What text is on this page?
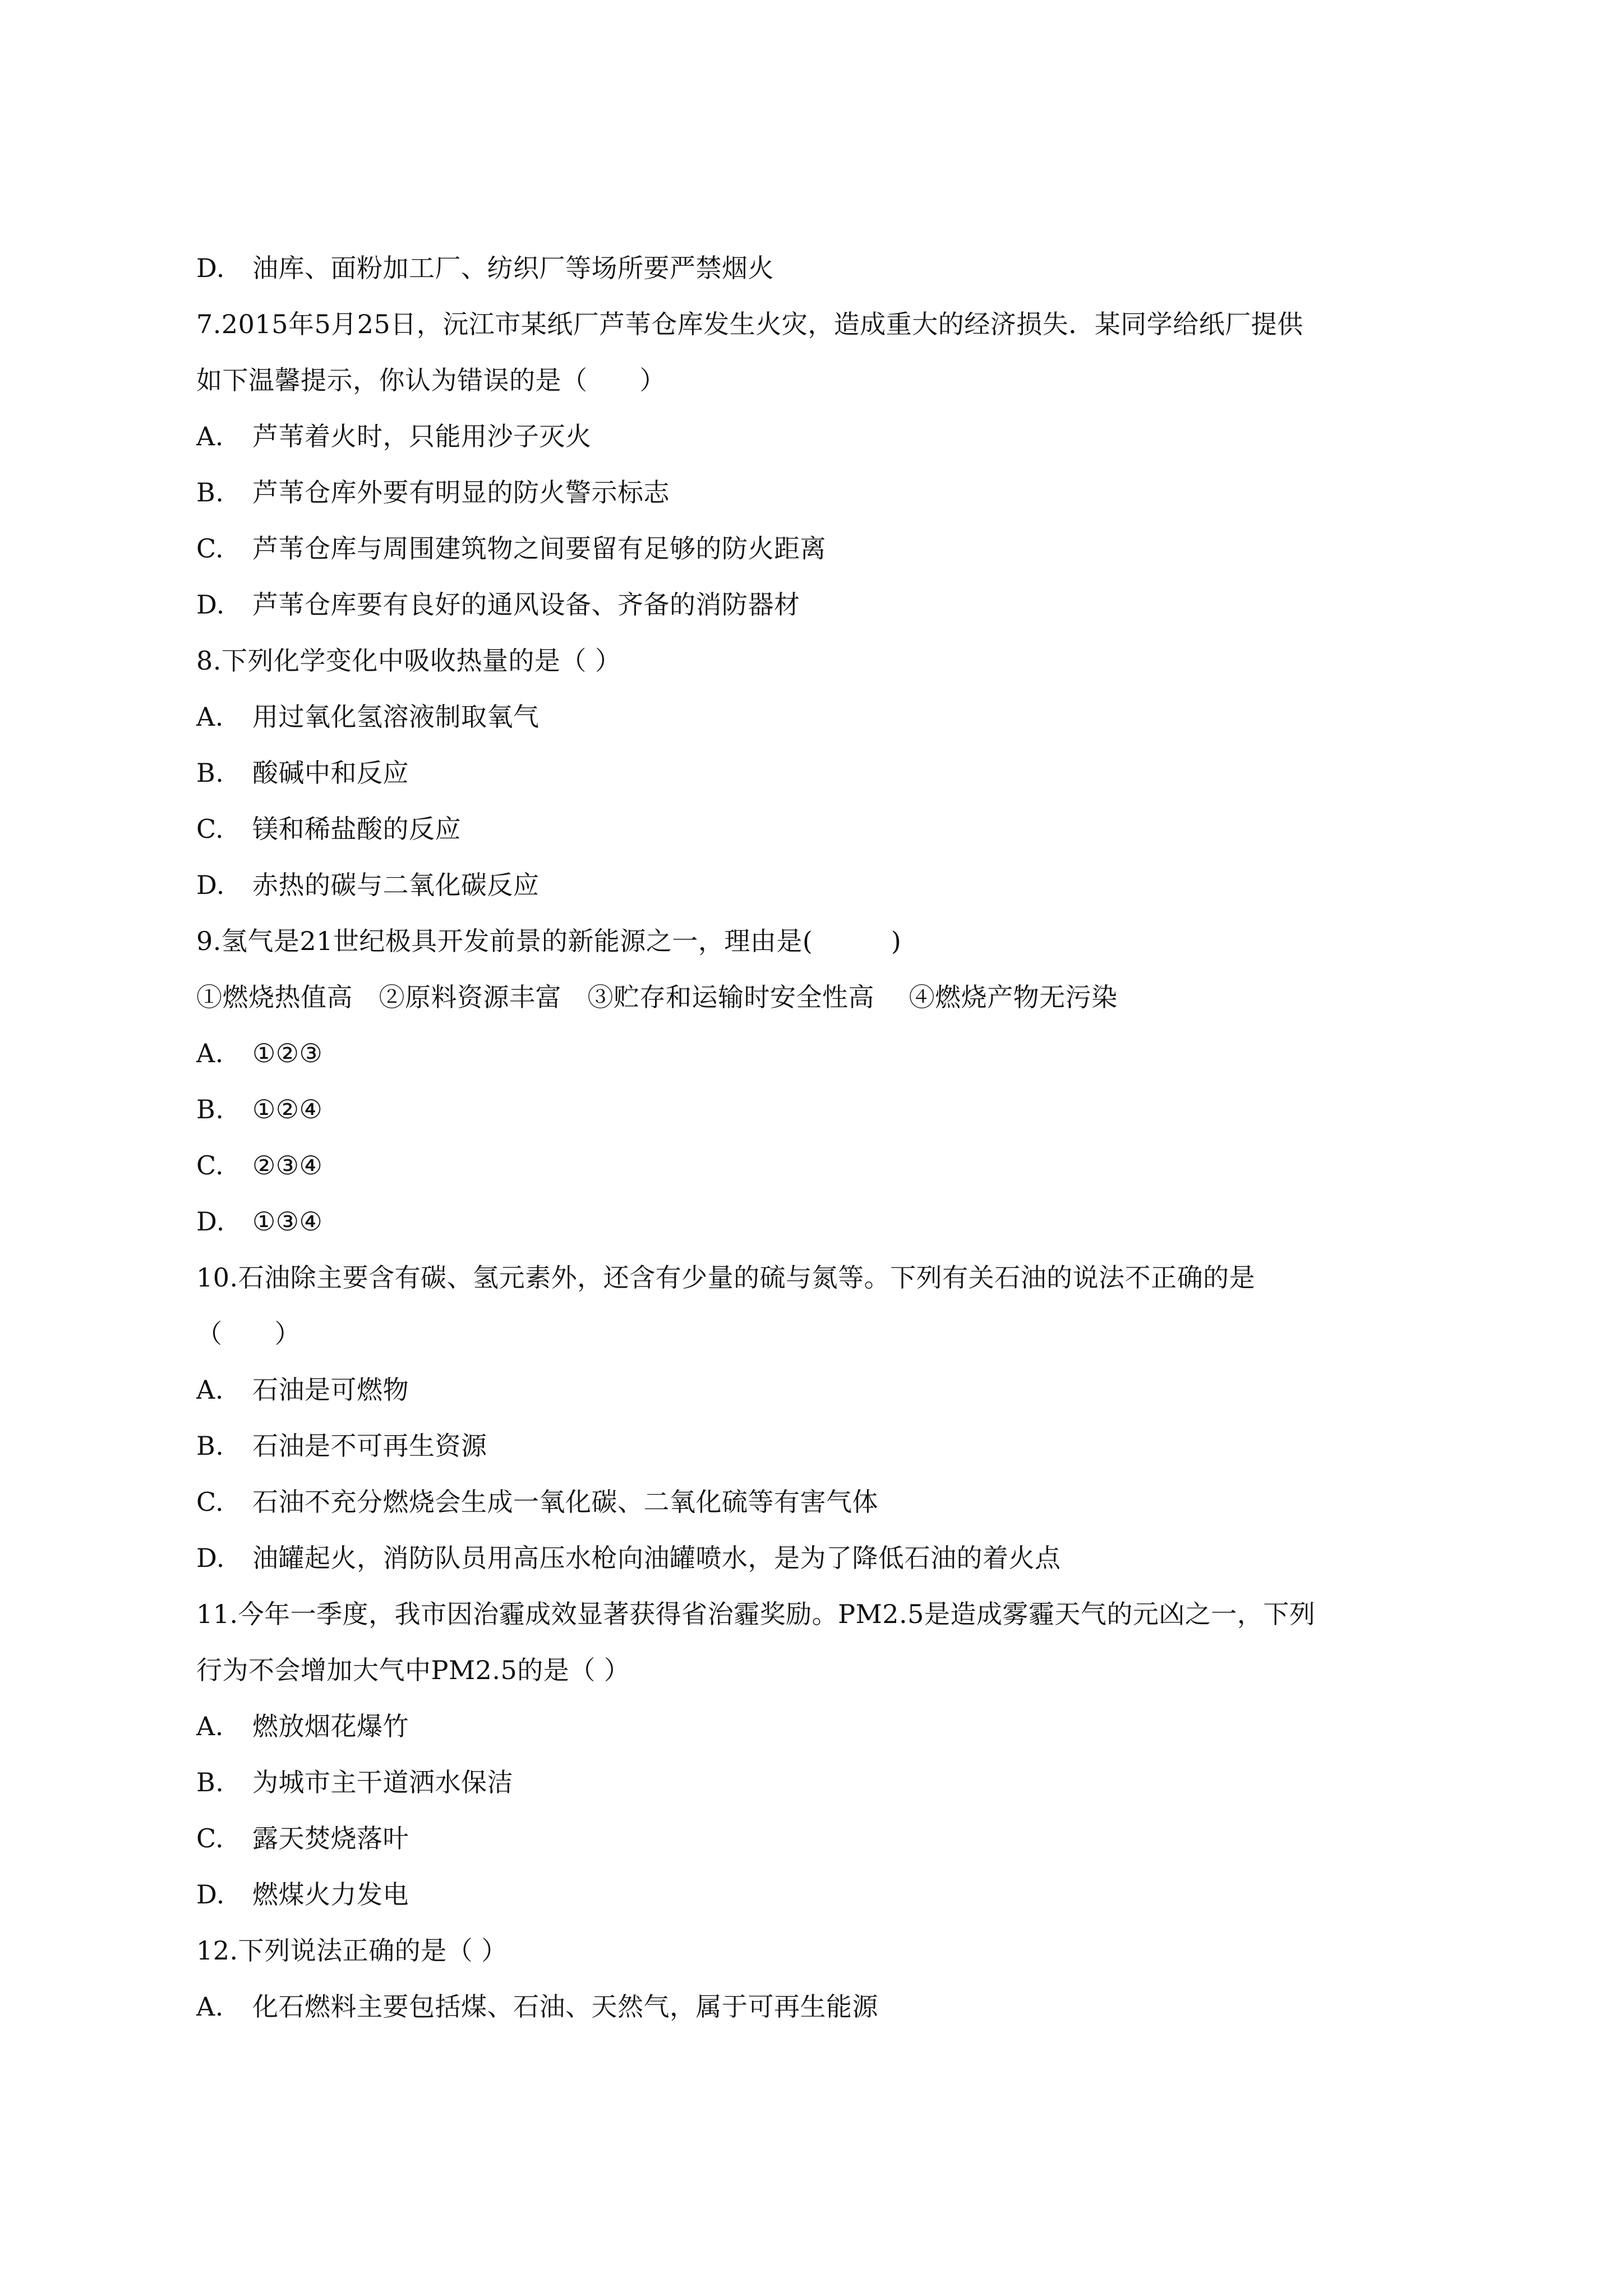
D.	油库、面粉加工厂、纺织厂等场所要严禁烟火
7.2015年5月25日，沅江市某纸厂芦苇仓库发生火灾，造成重大的经济损失．某同学给纸厂提供
如下温馨提示，你认为错误的是（　　）
A.	芦苇着火时，只能用沙子灭火
B.	芦苇仓库外要有明显的防火警示标志
C.	芦苇仓库与周围建筑物之间要留有足够的防火距离
D.	芦苇仓库要有良好的通风设备、齐备的消防器材
8.下列化学变化中吸收热量的是（ ）
A.	用过氧化氢溶液制取氧气
B.	酸碱中和反应
C.	镁和稀盐酸的反应
D.	赤热的碳与二氧化碳反应
9.氢气是21世纪极具开发前景的新能源之一，理由是(　　　)
①燃烧热值高　②原料资源丰富　③贮存和运输时安全性高　 ④燃烧产物无污染
A.	①②③
B.	①②④
C.	②③④
D.	①③④
10.石油除主要含有碳、氢元素外，还含有少量的硫与氮等。下列有关石油的说法不正确的是
（　　）
A.	石油是可燃物
B.	石油是不可再生资源
C.	石油不充分燃烧会生成一氧化碳、二氧化硫等有害气体
D.	油罐起火，消防队员用高压水枪向油罐喷水，是为了降低石油的着火点
11.今年一季度，我市因治霾成效显著获得省治霾奖励。PM2.5是造成雾霾天气的元凶之一，下列
行为不会增加大气中PM2.5的是（ ）
A.	燃放烟花爆竹
B.	为城市主干道洒水保洁
C.	露天焚烧落叶
D.	燃煤火力发电
12.下列说法正确的是（ ）
A.	化石燃料主要包括煤、石油、天然气，属于可再生能源
